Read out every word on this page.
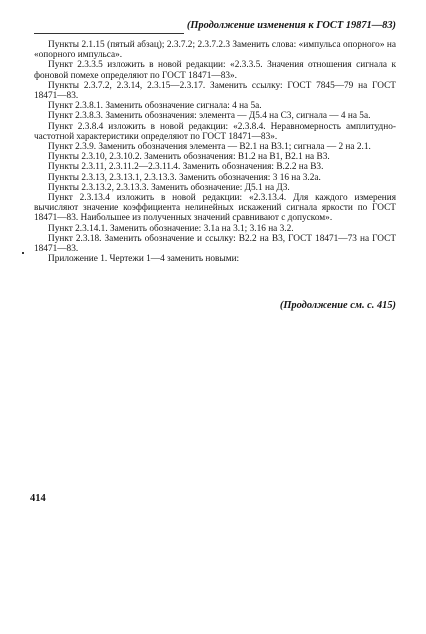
(Продолжение изменения к ГОСТ 19871—83)

Пункты 2.1.15 (пятый абзац); 2.3.7.2; 2.3.7.2.3 Заменить слова: «импульса опорного» на «опорного импульса».

Пункт 2.3.3.5 изложить в новой редакции: «2.3.3.5. Значения отношения сигнала к фоновой помехе определяют по ГОСТ 18471—83».

Пункты 2.3.7.2, 2.3.14, 2.3.15—2.3.17. Заменить ссылку: ГОСТ 7845—79 на ГОСТ 18471—83.

Пункт 2.3.8.1. Заменить обозначение сигнала: 4 на 5а.

Пункт 2.3.8.3. Заменить обозначения: элемента — Д5.4 на С3, сигнала — 4 на 5а.

Пункт 2.3.8.4 изложить в новой редакции: «2.3.8.4. Неравномерность амплитудно-частотной характеристики определяют по ГОСТ 18471—83».

Пункт 2.3.9. Заменить обозначения элемента — В2.1 на В3.1; сигнала — 2 на 2.1.

Пункты 2.3.10, 2.3.10.2. Заменить обозначения: В1.2 на В1, В2.1 на В3.

Пункты 2.3.11, 2.3.11.2—2.3.11.4. Заменить обозначения: В.2.2 на В3.

Пункты 2.3.13, 2.3.13.1, 2.3.13.3. Заменить обозначения: 3 16 на 3.2а.

Пункты 2.3.13.2, 2.3.13.3. Заменить обозначение: Д5.1 на Д3.

Пункт 2.3.13.4 изложить в новой редакции: «2.3.13.4. Для каждого измерения вычисляют значение коэффициента нелинейных искажений сигнала яркости по ГОСТ 18471—83. Наибольшее из полученных значений сравнивают с допуском».

Пункт 2.3.14.1. Заменить обозначение: 3.1а на 3.1; 3.16 на 3.2.

Пункт 2.3.18. Заменить обозначение и ссылку: В2.2 на В3, ГОСТ 18471—73 на ГОСТ 18471—83.

Приложение 1. Чертежи 1—4 заменить новыми:

(Продолжение см. с. 415)
414
